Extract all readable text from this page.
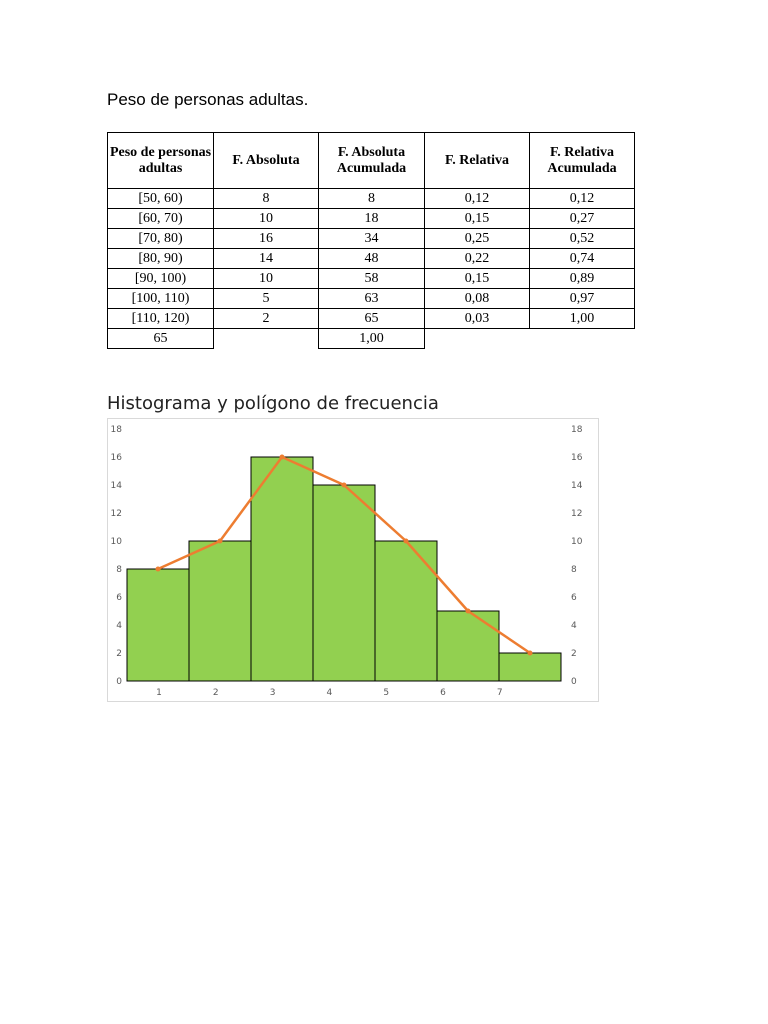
Peso de personas adultas.
Peso de personas adultas	F. Absoluta	F. Absoluta Acumulada	F. Relativa	F. Relativa Acumulada
[50, 60)	8	8	0,12	0,12
[60, 70)	10	18	0,15	0,27
[70, 80)	16	34	0,25	0,52
[80, 90)	14	48	0,22	0,74
[90, 100)	10	58	0,15	0,89
[100, 110)	5	63	0,08	0,97
[110, 120)	2	65	0,03	1,00
65		1,00		
Histograma y polígono de frecuencia
0
2
4
6
8
10
12
14
16
18
0
2
4
6
8
10
12
14
16
18
1	2	3	4	5	6	7
